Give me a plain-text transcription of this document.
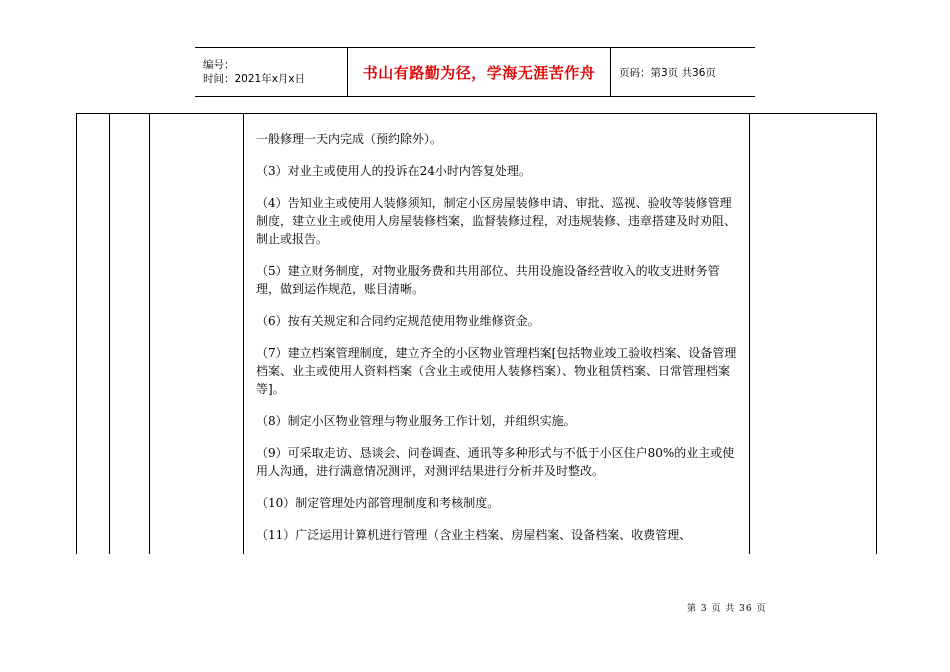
编号：
时间：2021年x月x日	书山有路勤为径，学海无涯苦作舟	页码：第3页 共36页

一般修理一天内完成（预约除外）。

（3）对业主或使用人的投诉在24小时内答复处理。

（4）告知业主或使用人装修须知，制定小区房屋装修申请、审批、巡视、验收等装修管理制度，建立业主或使用人房屋装修档案，监督装修过程，对违规装修、违章搭建及时劝阻、制止或报告。

（5）建立财务制度，对物业服务费和共用部位、共用设施设备经营收入的收支进财务管理，做到运作规范，账目清晰。

（6）按有关规定和合同约定规范使用物业维修资金。

（7）建立档案管理制度，建立齐全的小区物业管理档案[包括物业竣工验收档案、设备管理档案、业主或使用人资料档案（含业主或使用人装修档案）、物业租赁档案、日常管理档案等]。

（8）制定小区物业管理与物业服务工作计划，并组织实施。

（9）可采取走访、恳谈会、问卷调查、通讯等多种形式与不低于小区住户80%的业主或使用人沟通，进行满意情况测评，对测评结果进行分析并及时整改。

（10）制定管理处内部管理制度和考核制度。

（11）广泛运用计算机进行管理（含业主档案、房屋档案、设备档案、收费管理、

第 3 页 共 36 页
